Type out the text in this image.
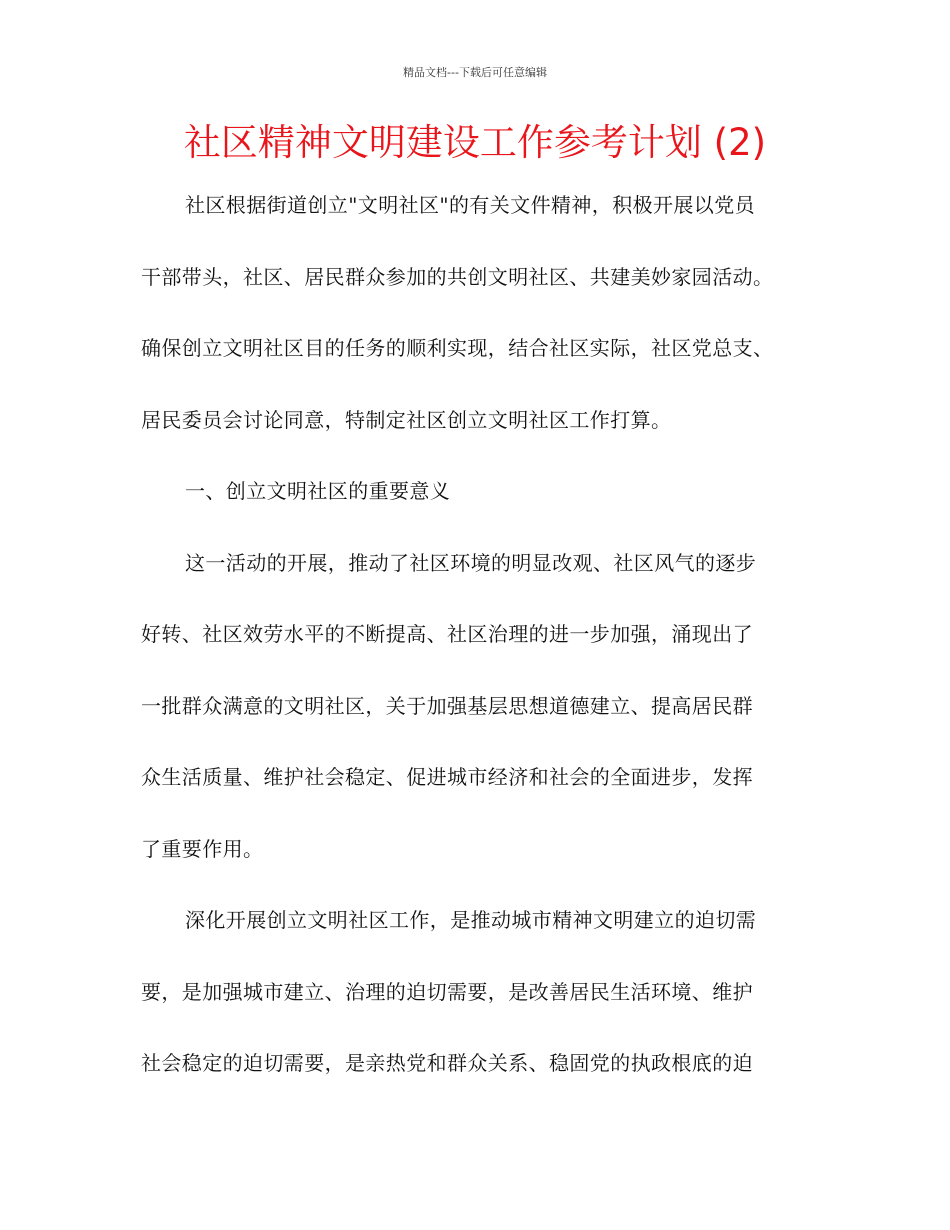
精品文档---下载后可任意编辑
社区精神文明建设工作参考计划 (2)
社区根据街道创立"文明社区"的有关文件精神，积极开展以党员
干部带头，社区、居民群众参加的共创文明社区、共建美妙家园活动。
确保创立文明社区目的任务的顺利实现，结合社区实际，社区党总支、
居民委员会讨论同意，特制定社区创立文明社区工作打算。
一、创立文明社区的重要意义
这一活动的开展，推动了社区环境的明显改观、社区风气的逐步
好转、社区效劳水平的不断提高、社区治理的进一步加强，涌现出了
一批群众满意的文明社区，关于加强基层思想道德建立、提高居民群
众生活质量、维护社会稳定、促进城市经济和社会的全面进步，发挥
了重要作用。
深化开展创立文明社区工作，是推动城市精神文明建立的迫切需
要，是加强城市建立、治理的迫切需要，是改善居民生活环境、维护
社会稳定的迫切需要，是亲热党和群众关系、稳固党的执政根底的迫
